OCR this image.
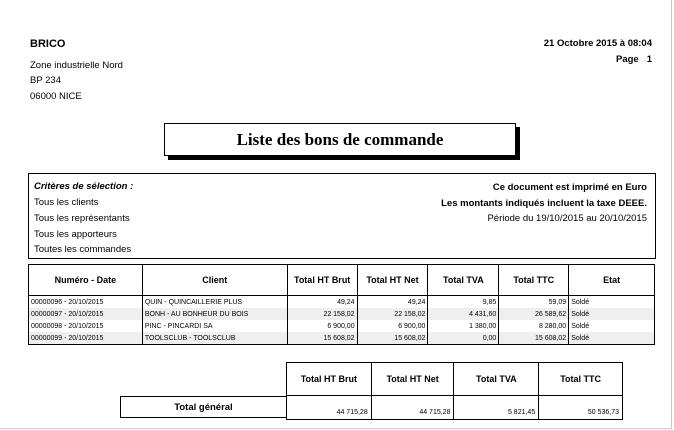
BRICO
Zone industrielle Nord
BP 234
06000 NICE
21 Octobre 2015 à 08:04
Page 1
Liste des bons de commande
Critères de sélection :
Tous les clients
Tous les représentants
Tous les apporteurs
Toutes les commandes
Ce document est imprimé en Euro
Les montants indiqués incluent la taxe DEEE.
Période du 19/10/2015 au 20/10/2015
Numéro - Date	Client	Total HT Brut	Total HT Net	Total TVA	Total TTC	Etat
00000096 - 20/10/2015	QUIN - QUINCAILLERIE PLUS	49,24	49,24	9,85	59,09	Soldé
00000097 - 20/10/2015	BONH - AU BONHEUR DU BOIS	22 158,02	22 158,02	4 431,60	26 589,62	Soldé
00000098 - 20/10/2015	PINC - PINCARDI SA	6 900,00	6 900,00	1 380,00	8 280,00	Soldé
00000099 - 20/10/2015	TOOLSCLUB - TOOLSCLUB	15 608,02	15 608,02	0,00	15 608,02	Soldé
Total HT Brut	Total HT Net	Total TVA	Total TTC
44 715,28	44 715,28	5 821,45	50 536,73
Total général
